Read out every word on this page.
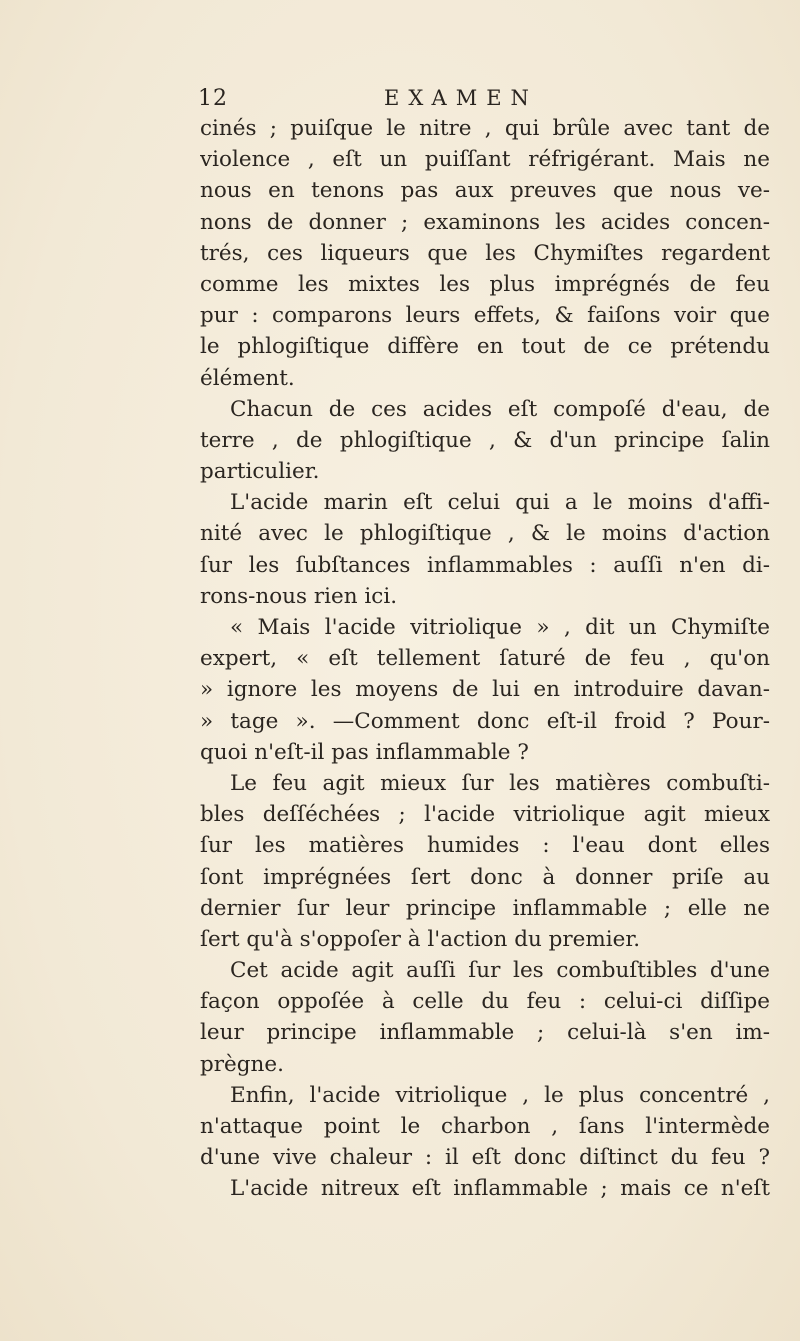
12	EXAMEN
cinés ; puiſque le nitre , qui brûle avec tant de
violence , eſt un puiſſant réfrigérant. Mais ne
nous en tenons pas aux preuves que nous ve-
nons de donner ; examinons les acides concen-
trés, ces liqueurs que les Chymiſtes regardent
comme les mixtes les plus imprégnés de feu
pur : comparons leurs effets, & faiſons voir que
le phlogiſtique diffère en tout de ce prétendu
élément.
Chacun de ces acides eſt compoſé d'eau, de
terre , de phlogiſtique , & d'un principe ſalin
particulier.
L'acide marin eſt celui qui a le moins d'affi-
nité avec le phlogiſtique , & le moins d'action
ſur les ſubſtances inflammables : auſſi n'en di-
rons-nous rien ici.
« Mais l'acide vitriolique » , dit un Chymiſte
expert, « eſt tellement ſaturé de feu , qu'on
» ignore les moyens de lui en introduire davan-
» tage ». —Comment donc eſt-il froid ? Pour-
quoi n'eſt-il pas inflammable ?
Le feu agit mieux ſur les matières combuſti-
bles deſſéchées ; l'acide vitriolique agit mieux
ſur les matières humides : l'eau dont elles
ſont imprégnées ſert donc à donner priſe au
dernier ſur leur principe inflammable ; elle ne
ſert qu'à s'oppoſer à l'action du premier.
Cet acide agit auſſi ſur les combuſtibles d'une
façon oppoſée à celle du feu : celui-ci diſſipe
leur principe inflammable ; celui-là s'en im-
prègne.
Enfin, l'acide vitriolique , le plus concentré ,
n'attaque point le charbon , ſans l'intermède
d'une vive chaleur : il eſt donc diſtinct du feu ?
L'acide nitreux eſt inflammable ; mais ce n'eſt
